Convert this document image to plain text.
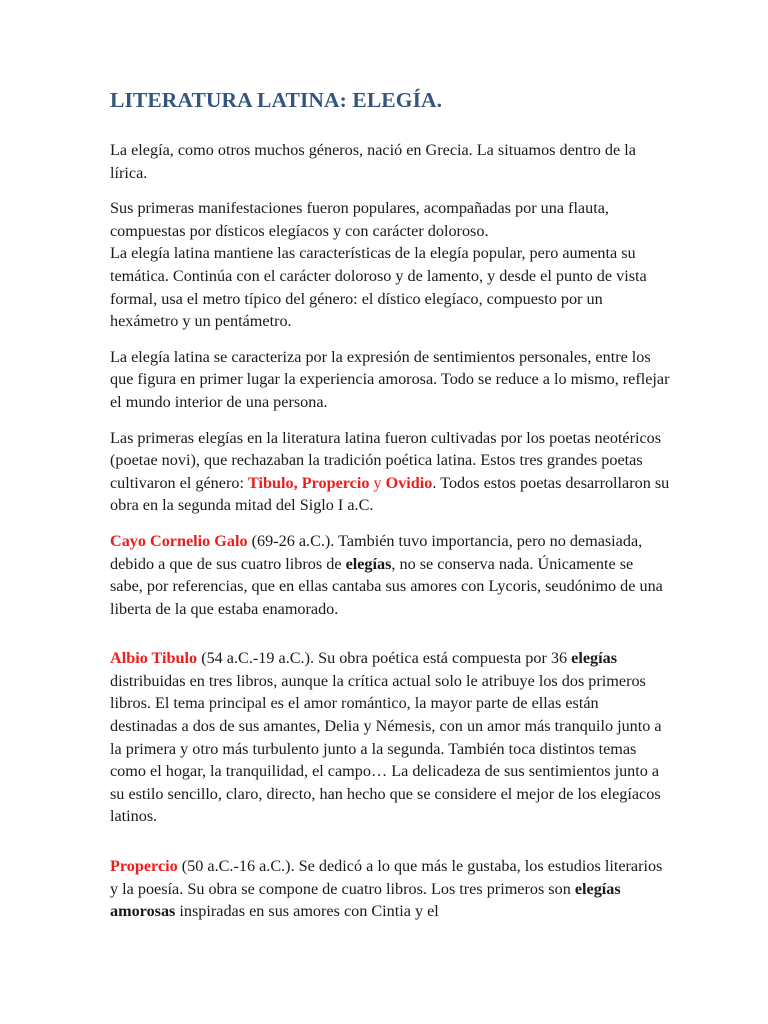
LITERATURA LATINA: ELEGÍA.

La elegía, como otros muchos géneros, nació en Grecia. La situamos dentro de la lírica.

Sus primeras manifestaciones fueron populares, acompañadas por una flauta, compuestas por dísticos elegíacos y con carácter doloroso.
La elegía latina mantiene las características de la elegía popular, pero aumenta su temática. Continúa con el carácter doloroso y de lamento, y desde el punto de vista formal, usa el metro típico del género: el dístico elegíaco, compuesto por un hexámetro y un pentámetro.

La elegía latina se caracteriza por la expresión de sentimientos personales, entre los que figura en primer lugar la experiencia amorosa. Todo se reduce a lo mismo, reflejar el mundo interior de una persona.

Las primeras elegías en la literatura latina fueron cultivadas por los poetas neotéricos (poetae novi), que rechazaban la tradición poética latina. Estos tres grandes poetas cultivaron el género: Tibulo, Propercio y Ovidio. Todos estos poetas desarrollaron su obra en la segunda mitad del Siglo I a.C.

Cayo Cornelio Galo (69-26 a.C.). También tuvo importancia, pero no demasiada, debido a que de sus cuatro libros de elegías, no se conserva nada. Únicamente se sabe, por referencias, que en ellas cantaba sus amores con Lycoris, seudónimo de una liberta de la que estaba enamorado.

Albio Tibulo (54 a.C.-19 a.C.). Su obra poética está compuesta por 36 elegías distribuidas en tres libros, aunque la crítica actual solo le atribuye los dos primeros libros. El tema principal es el amor romántico, la mayor parte de ellas están destinadas a dos de sus amantes, Delia y Némesis, con un amor más tranquilo junto a la primera y otro más turbulento junto a la segunda. También toca distintos temas como el hogar, la tranquilidad, el campo… La delicadeza de sus sentimientos junto a su estilo sencillo, claro, directo, han hecho que se considere el mejor de los elegíacos latinos.

Propercio (50 a.C.-16 a.C.). Se dedicó a lo que más le gustaba, los estudios literarios y la poesía. Su obra se compone de cuatro libros. Los tres primeros son elegías amorosas inspiradas en sus amores con Cintia y el
